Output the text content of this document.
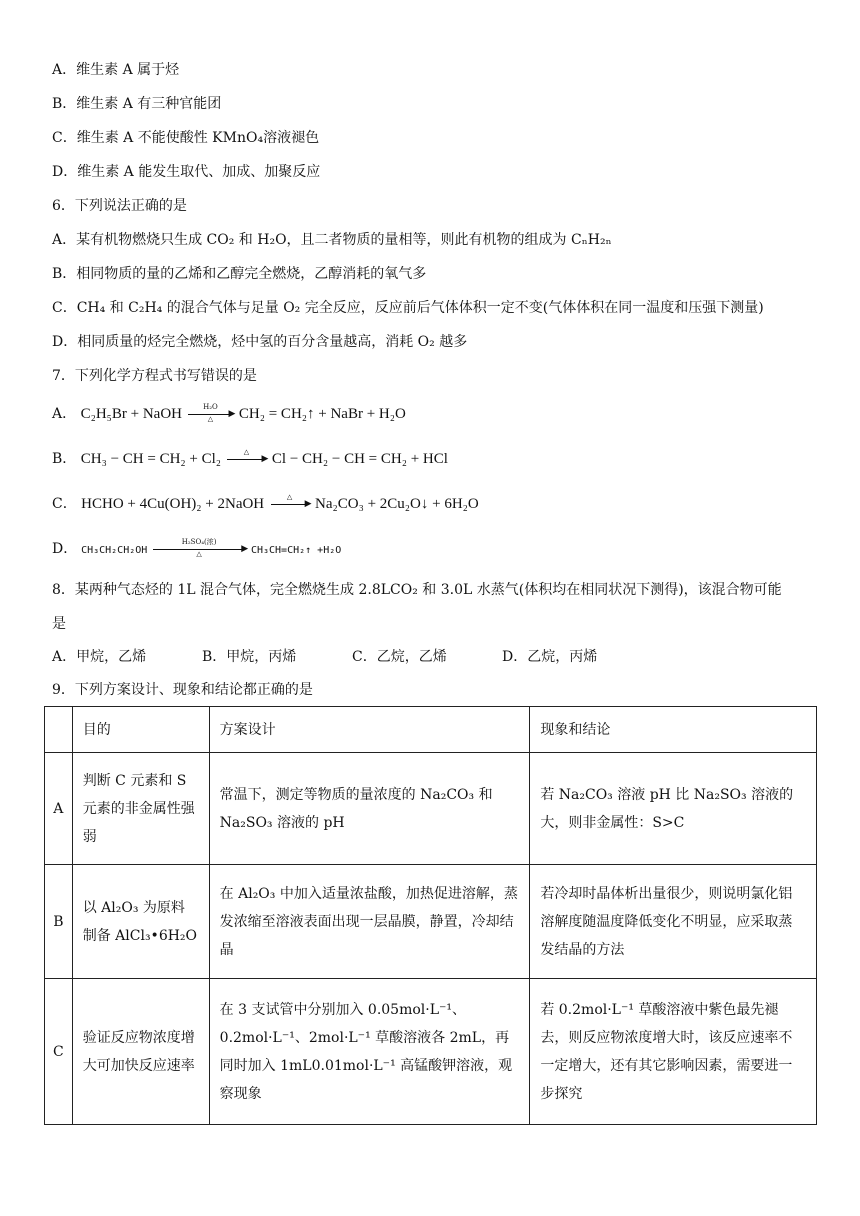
A．维生素 A 属于烃
B．维生素 A 有三种官能团
C．维生素 A 不能使酸性 KMnO₄溶液褪色
D．维生素 A 能发生取代、加成、加聚反应
6．下列说法正确的是
A．某有机物燃烧只生成 CO₂ 和 H₂O，且二者物质的量相等，则此有机物的组成为 CₙH₂ₙ
B．相同物质的量的乙烯和乙醇完全燃烧，乙醇消耗的氧气多
C．CH₄ 和 C₂H₄ 的混合气体与足量 O₂ 完全反应，反应前后气体体积一定不变(气体体积在同一温度和压强下测量)
D．相同质量的烃完全燃烧，烃中氢的百分含量越高，消耗 O₂ 越多
7．下列化学方程式书写错误的是
A． C₂H₅Br + NaOH	H₂O
▶
△	CH₂ = CH₂↑ + NaBr + H₂O
B． CH₃ − CH = CH₂ + Cl₂	△
▶ Cl − CH₂ − CH = CH₂ + HCl
C． HCHO + 4Cu(OH)₂ + 2NaOH	△
▶ Na₂CO₃ + 2Cu₂O↓ + 6H₂O
D． CH₃CH₂CH₂OH
H₂SO₄(浓)
▶
△	CH₃CH=CH₂↑ +H₂O
8．某两种气态烃的 1L 混合气体，完全燃烧生成 2.8LCO₂ 和 3.0L 水蒸气(体积均在相同状况下测得)，该混合物可能
是
A．甲烷，乙烯	B．甲烷，丙烯	C．乙烷，乙烯	D．乙烷，丙烯
9．下列方案设计、现象和结论都正确的是
	目的	方案设计	现象和结论
A	判断 C 元素和 S 元素的非金属性强弱	常温下，测定等物质的量浓度的 Na₂CO₃ 和 Na₂SO₃ 溶液的 pH	若 Na₂CO₃ 溶液 pH 比 Na₂SO₃ 溶液的大，则非金属性：S>C
B	以 Al₂O₃ 为原料制备 AlCl₃•6H₂O	在 Al₂O₃ 中加入适量浓盐酸，加热促进溶解，蒸发浓缩至溶液表面出现一层晶膜，静置，冷却结晶	若冷却时晶体析出量很少，则说明氯化铝溶解度随温度降低变化不明显，应采取蒸发结晶的方法
C	验证反应物浓度增大可加快反应速率	在 3 支试管中分别加入 0.05mol·L⁻¹、0.2mol·L⁻¹、2mol·L⁻¹ 草酸溶液各 2mL，再同时加入 1mL0.01mol·L⁻¹ 高锰酸钾溶液，观察现象	若 0.2mol·L⁻¹ 草酸溶液中紫色最先褪去，则反应物浓度增大时，该反应速率不一定增大，还有其它影响因素，需要进一步探究
